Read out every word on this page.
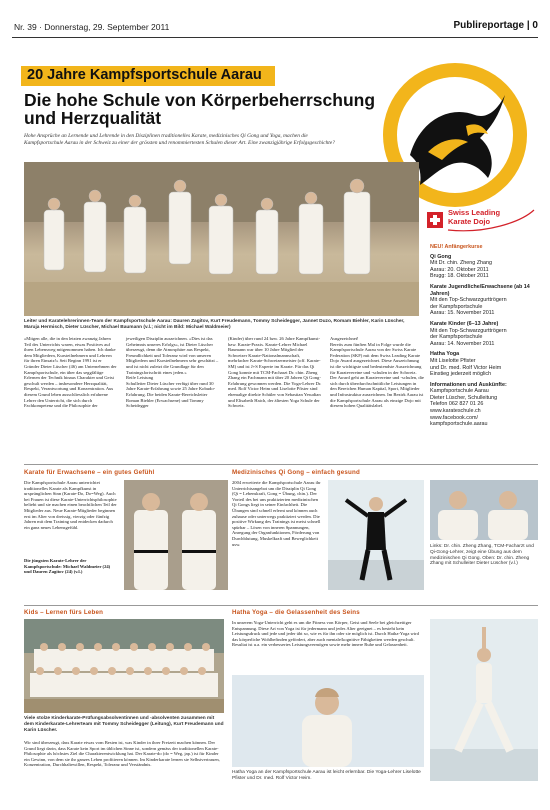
Nr. 39 · Donnerstag, 29. September 2011	Publireportage | 0
20 Jahre Kampfsportschule Aarau
Die hohe Schule von Körperbeherrschung
und Herzqualität
Hohe Ansprüche an Lernende und Lehrende in den Disziplinen traditionelles Karate, medizinisches Qi Gong und Yoga, machen die Kampfsportschule Aarau in der Schweiz zu einer der grössten und renommiertesten Schulen dieser Art. Eine zwanzigjährige Erfolgsgeschichte?
Leiter und Karatelehrerinnen-Team der Kampfsportschule Aarau: Dauren Zagitov, Kurt Freudemann, Tommy Scheidegger, Jannet Duzo, Romam Biehler, Karin Lüscher, Maruja Hermisch, Dieter Lüscher, Michael Baumann (v.l.; nicht im Bild: Michael Waldmeier)
Swiss Leading
Karate Dojo
NEU! Anfängerkurse
Qi Gong
Mit Dr. chin. Zheng Zhang
Aarau: 20. Oktober 2011
Brugg: 18. Oktober 2011
Karate Jugendliche/Erwachsene (ab 14 Jahren)
Mit den Top-Schwarzgurttrögern
der Kampfsportschule
Aarau: 15. November 2011
Karate Kinder (6–13 Jahre)
Mit den Top-Schwarzgurttrögern
der Kampfsportschule
Aarau: 14. November 2011
Hatha Yoga
Mit Liselotte Pfister
und Dr. med. Rolf Victor Heim
Einstieg jederzeit möglich
Informationen und Auskünfte:
Kampfsportschule Aarau
Dieter Lüscher, Schulleitung
Telefon 062 827 01 26
www.karateschule.ch
www.facebook.com/
kampfsportschule.aarau
«Mitgen alle, die in den letzten zwanzig Jahren Teil des Unterrichts waren, etwas Positives auf ihren Lebensweg mitgenommen haben. Ich danke dem Mitgliedern, Kursteilnehmern und Lehrern für ihren Einsatz!» Seit Beginn 1991 ist er Gründer Dieter Lüscher (46) am Unternehmen der Kampfsportschule, ein über das seggfältige Erlernen der Technik hinaus Charakter und Geist geschult werden – insbesondere Herzqualität, Respekt, Verantwortung und Konzentration. Aus diesem Grund leben ausschliesslich erfahrene Lehrer den Unterricht, die sich durch Fachkompetenz und die Philosophie der
jeweiligen Disziplin auszeichnen. «Dies ist das Geheimnis unseres Erfolgs», ist Dieter Lüscher überzeugt, denn die Atmosphäre aus Respekt, Freundlichkeit und Toleranz wird von unseren Mitgliedern und Kursteilnehmern sehr geschätzt – und ist nicht zuletzt die Grundlage für den Trainingsfortschritt eines jeden.»
Reife Leistung
Schulleiter Dieter Lüscher verfügt über rund 30 Jahre Karate-Erfahrung sowie 25 Jahre Kobudo-Erfahrung. Die beiden Karate-Bereichsleiter Roman Biehler (Erwachsene) und Tommy Scheidegger
(Kinder) über rund 24 bzw. 26 Jahre Kampfkunst-bzw. Karate-Praxis. Karate-Lehrer Michael Baumann war über 10 Jahre Mitglied der Schweizer Karate-Nationalmannschaft, mehrfacher Karate-Schweizermeister (off. Karate-SM) und ist J+S Experte im Karate. Für das Qi Gong konnte mit TCM-Facharzt Dr. chin. Zheng Zhang ein Fachmann mit über 20 Jahren Qi Gong-Erfahrung gewonnen werden. Die Yoga-Lehrer Dr. med. Rolf Victor Heim und Liselotte Pfister sind ehemalige direkte Schüler von Sebastian Yesudian und Elisabeth Haich, der ältesten Yoga Schule der Schweiz.
Ausgezeichnet!
Bereits zum fünften Mal in Folge wurde die Kampfsportschule Aarau von der Swiss Karate Federation (SKF) mit dem Swiss Leading Karate Dojo Award ausgezeichnet. Diese Auszeichnung ist die wichtigste und bedeutendste Auszeichnung für Karatevereine und -schulen in der Schweiz. Der Award geht an Karatevereine und -schulen, die sich durch überdurchschnittliche Leistungen in den Bereichen Human Kapital, Sport, Mitglieder und Infrastruktur auszeichnen. Im Bezirk Aarau ist die Kampfsportschule Aarau als einzige Dojo mit diesem hohen Qualitätslabel.
Karate für Erwachsene – ein gutes Gefühl
Die Kampfsportschule Aarau unterrichtet traditionelles Karate als Kampfkunst in ursprünglichen Sinn (Karate-Do, Do=Weg). Auch bei Frauen ist diese Karate-Unterrichtsphilosophie beliebt und sie machen einen beachtlichen Teil der Mitglieder aus. Neue Karate-Mitglieder beginnen erst im Alter von dreissig, vierzig oder fünfzig Jahren mit dem Training und entdecken dadurch ein ganz neues Lebensgefühl.
Die jüngsten Karate-Lehrer der Kampfsportschule: Michael Waldmeier (24) und Dauren Zagitov (24) (v.l.)
Medizinisches Qi Gong – einfach gesund
2004 erweiterte die Kampfsportschule Aarau ihr Unterrichtsangebot um die Disziplin Qi Gong (Qi = Lebenskraft, Gong = Übung, chin.). Der Vorteil des bei uns praktizierten medizinischen Qi Gongs liegt in seiner Einfachheit. Die Übungen sind schnell erlernt und können auch zuhause oder unterwegs praktiziert werden. Die positive Wirkung des Trainings ist meist schnell spürbar – Lösen von inneren Spannungen, Anregung der Organfunktionen, Förderung von Durchblutung, Muskelkraft und Beweglichkeit usw.	Links: Dr. chin. Zheng Zhang, TCM-Facharzt und Qi-Gong-Lehrer, zeigt eine Übung aus dem medizinischen Qi Gong. Oben: Dr. chin. Zheng Zhang mit Schulleiter Dieter Lüscher (v.l.)
Kids – Lernen fürs Leben
Viele stolze Kinderkarate-Prüfungsabsolventinnen und -absolventen zusammen mit dem Kinderkarate-Lehrerteam mit Tommy Scheidegger (Leitung), Kurt Freudemann und Karin Lüscher.
Wir sind überzeugt, dass Karate etwas vom Besten ist, was Kinder in ihrer Freizeit machen können. Der Grund liegt darin, dass Karate kein Sport im üblichen Sinne ist, sondern gemäss der traditionellen Karate-Philosophie als höchstes Ziel die Charakterentwicklung hat. Der Karate-do (do = Weg, jap.) ist für Kinder ein Gewinn, von dem sie ihr ganzes Leben profitieren können. Im Kinderkarate lernen sie Selbstvertrauen, Konzentration, Durchhaltewillen, Respekt, Toleranz und Verständnis.
Hatha Yoga – die Gelassenheit des Seins
In unserem Yoga-Unterricht geht es um die Fitness von Körper, Geist und Seele bei gleichzeitiger Entspannung. Diese Art von Yoga ist für jedermann und jedes Alter geeignet – es besteht kein Leistungsdruck und jede und jeder übt so, wie es für ihn oder sie möglich ist. Durch Hatha-Yoga wird das körperliche Wohlbefinden gefördert, aber auch mentale/kognitive Fähigkeiten werden geschult. Resultat ist u.a. ein verbessertes Leistungsvermögen sowie mehr innere Ruhe und Gelassenheit.
Hatha Yoga an der Kampfsportschule Aarau ist leicht erlernbar. Die Yoga-Lehrer Liselotte Pfister und Dr. med. Rolf Victor Heim.
